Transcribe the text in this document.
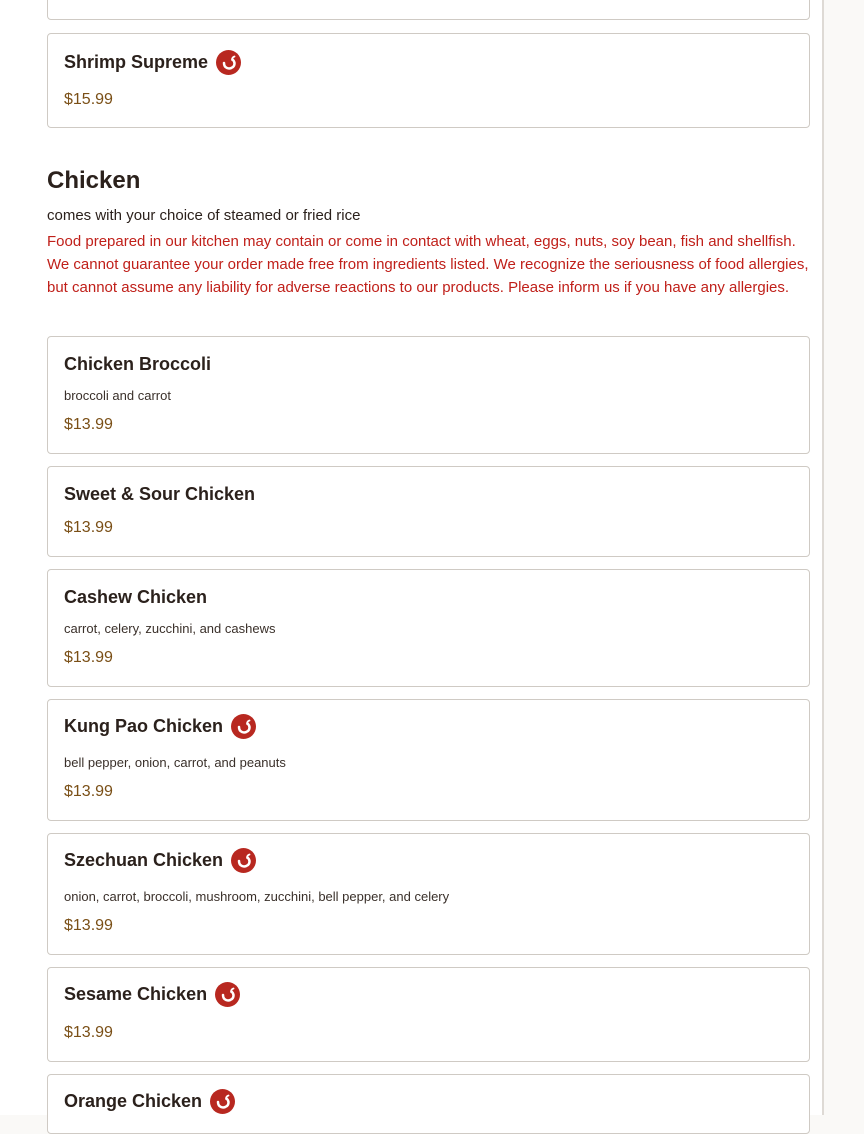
Shrimp Supreme
$15.99
Chicken
comes with your choice of steamed or fried rice
Food prepared in our kitchen may contain or come in contact with wheat, eggs, nuts, soy bean, fish and shellfish. We cannot guarantee your order made free from ingredients listed. We recognize the seriousness of food allergies, but cannot assume any liability for adverse reactions to our products. Please inform us if you have any allergies.
Chicken Broccoli
broccoli and carrot
$13.99
Sweet & Sour Chicken
$13.99
Cashew Chicken
carrot, celery, zucchini, and cashews
$13.99
Kung Pao Chicken
bell pepper, onion, carrot, and peanuts
$13.99
Szechuan Chicken
onion, carrot, broccoli, mushroom, zucchini, bell pepper, and celery
$13.99
Sesame Chicken
$13.99
Orange Chicken
